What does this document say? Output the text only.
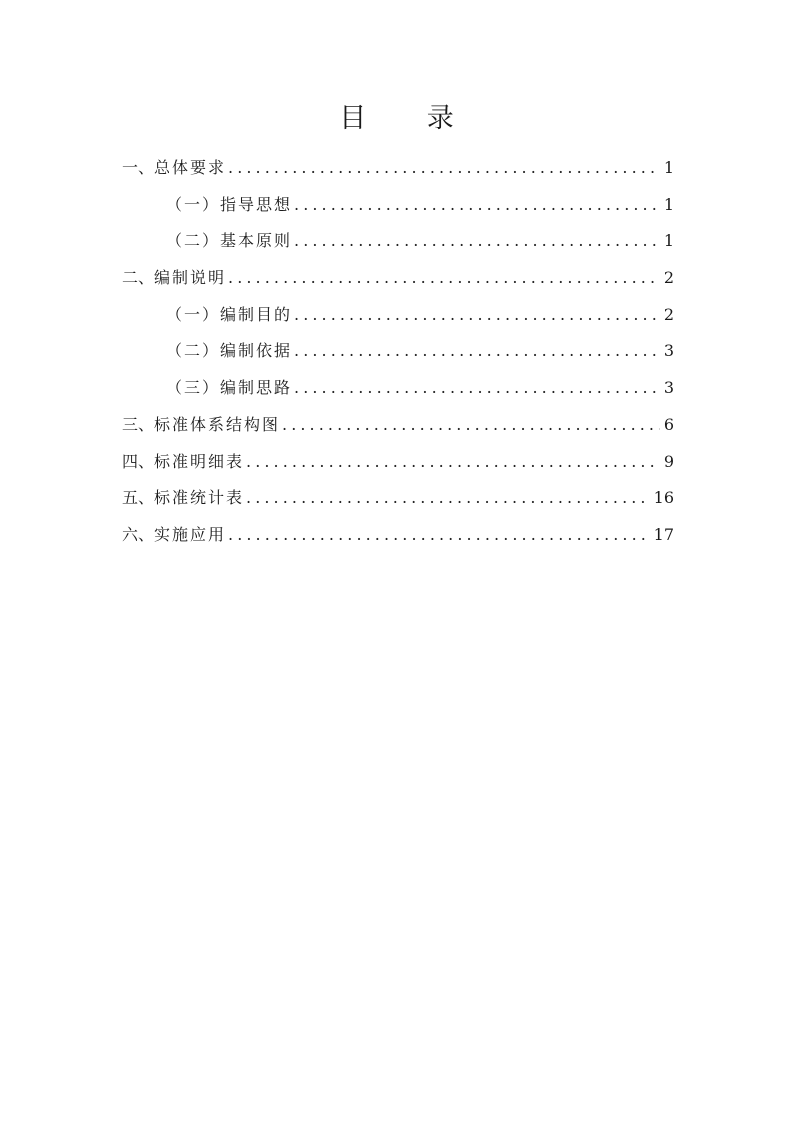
目 录
一、 总体要求 . . .	1
（一）指导思想 . . .	1
（二）基本原则 . . .	1
二、 编制说明 . . .	2
（一）编制目的 . . .	2
（二）编制依据 . . .	3
（三）编制思路 . . .	3
三、 标准体系结构图 . . .	6
四、 标准明细表 . . .	9
五、 标准统计表 . . .	16
六、 实施应用 . . .	17
